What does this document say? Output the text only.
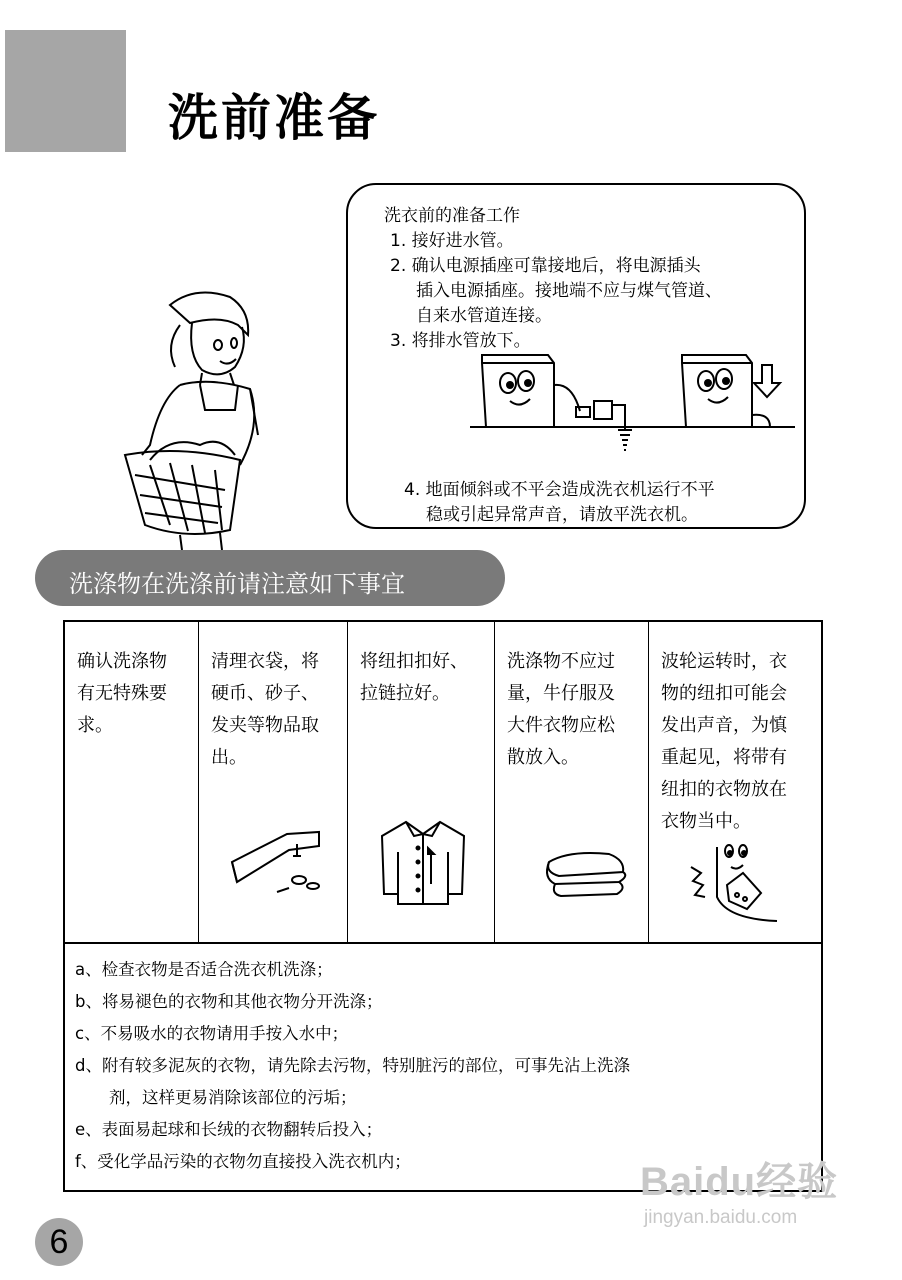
洗前准备
洗衣前的准备工作
1. 接好进水管。
2. 确认电源插座可靠接地后，将电源插头
插入电源插座。接地端不应与煤气管道、
自来水管道连接。
3. 将排水管放下。
4. 地面倾斜或不平会造成洗衣机运行不平
稳或引起异常声音，请放平洗衣机。
洗涤物在洗涤前请注意如下事宜
确认洗涤物
有无特殊要
求。
清理衣袋，将
硬币、砂子、
发夹等物品取
出。
将纽扣扣好、
拉链拉好。
洗涤物不应过
量，牛仔服及
大件衣物应松
散放入。
波轮运转时，衣
物的纽扣可能会
发出声音，为慎
重起见，将带有
纽扣的衣物放在
衣物当中。
a、检查衣物是否适合洗衣机洗涤；
b、将易褪色的衣物和其他衣物分开洗涤；
c、不易吸水的衣物请用手按入水中；
d、附有较多泥灰的衣物，请先除去污物，特别脏污的部位，可事先沾上洗涤
剂，这样更易消除该部位的污垢；
e、表面易起球和长绒的衣物翻转后投入；
f、受化学品污染的衣物勿直接投入洗衣机内；
6
Baidu经验
jingyan.baidu.com
